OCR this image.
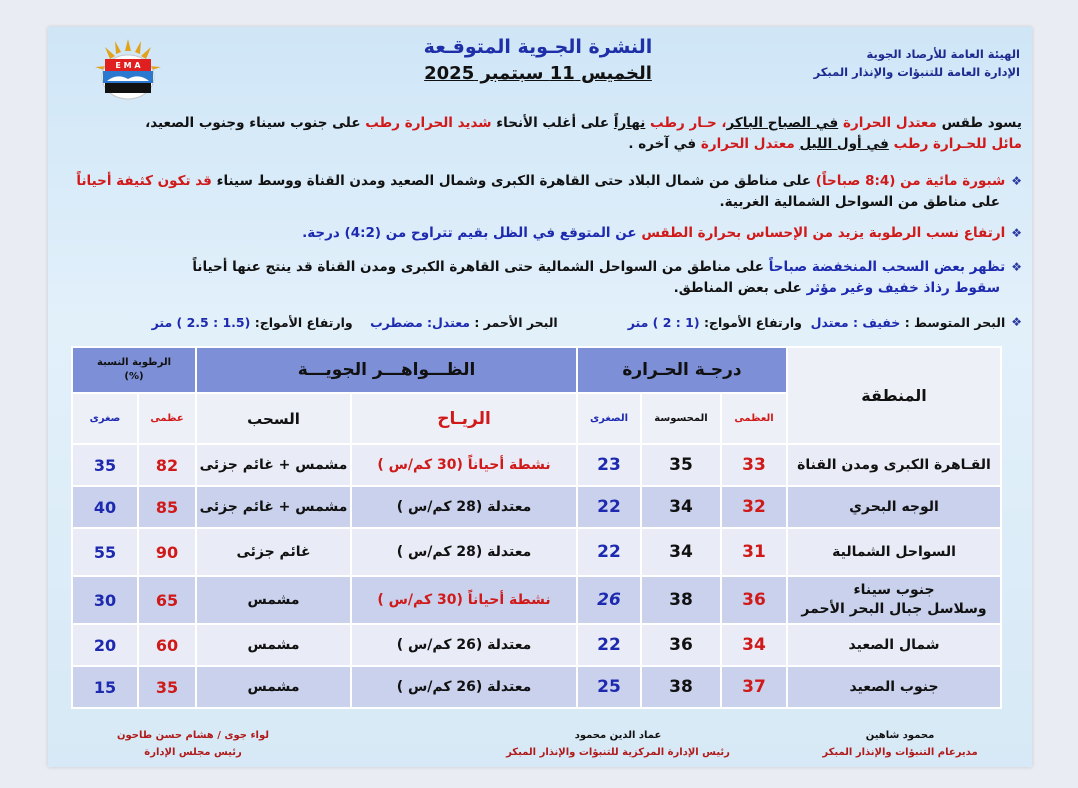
E M A
النشرة الجـوية المتوقـعة
الخميس 11 سبتمبر 2025
الهيئة العامة للأرصاد الجوية
الإدارة العامة للتنبؤات والإنذار المبكر
يسود طقس معتدل الحرارة في الصباح الباكر، حـار رطب نهاراً على أغلب الأنحاء شديد الحرارة رطب على جنوب سيناء وجنوب الصعيد،
مائل للحـرارة رطب في أول الليل معتدل الحرارة في آخره .
❖شبورة مائية من (8:4 صباحاً) على مناطق من شمال البلاد حتى القاهرة الكبرى وشمال الصعيد ومدن القناة ووسط سيناء قد تكون كثيفة أحياناً
على مناطق من السواحل الشمالية الغربية.
❖ارتفاع نسب الرطوبة يزيد من الإحساس بحرارة الطقس عن المتوقع في الظل بقيم تتراوح من (4:2) درجة.
❖تظهر بعض السحب المنخفضة صباحاً على مناطق من السواحل الشمالية حتى القاهرة الكبرى ومدن القناة قد ينتج عنها أحياناً
سقوط رذاذ خفيف وغير مؤثر على بعض المناطق.
❖
البحر المتوسط :

خفيف : معتدل

وارتفاع الأمواج:

(1 : 2 ) متر
البحر الأحمر :

معتدل: مضطرب

وارتفاع الأمواج:

(1.5 : 2.5 ) متر
المنطقة	درجـة الحـرارة			الظـــواهـــر الجويـــة		الرطوبة النسبة
(%)	

	العظمى	المحسوسة	الصغرى	الريـاح	السحب	عظمى	صغرى

القـاهرة الكبرى ومدن القناة	33	35	23	نشطة أحياناً (30 كم/س )	مشمس + غائم جزئى	82	35

الوجه البحري	32	34	22	معتدلة (28 كم/س )	مشمس + غائم جزئى	85	40

السواحل الشمالية	31	34	22	معتدلة (28 كم/س )	غائم جزئى	90	55

جنوب سيناء
وسلاسل جبال البحر الأحمر	36	38	26	نشطة أحياناً (30 كم/س )	مشمس	65	30

شمال الصعيد	34	36	22	معتدلة (26 كم/س )	مشمس	60	20

جنوب الصعيد	37	38	25	معتدلة (26 كم/س )	مشمس	35	15
محمود شاهين
مديرعام التنبؤات والإنذار المبكر
عماد الدين محمود
رئيس الإدارة المركزية للتنبؤات والإنذار المبكر
لواء جوى / هشام حسن طاحون
رئيس مجلس الإدارة
